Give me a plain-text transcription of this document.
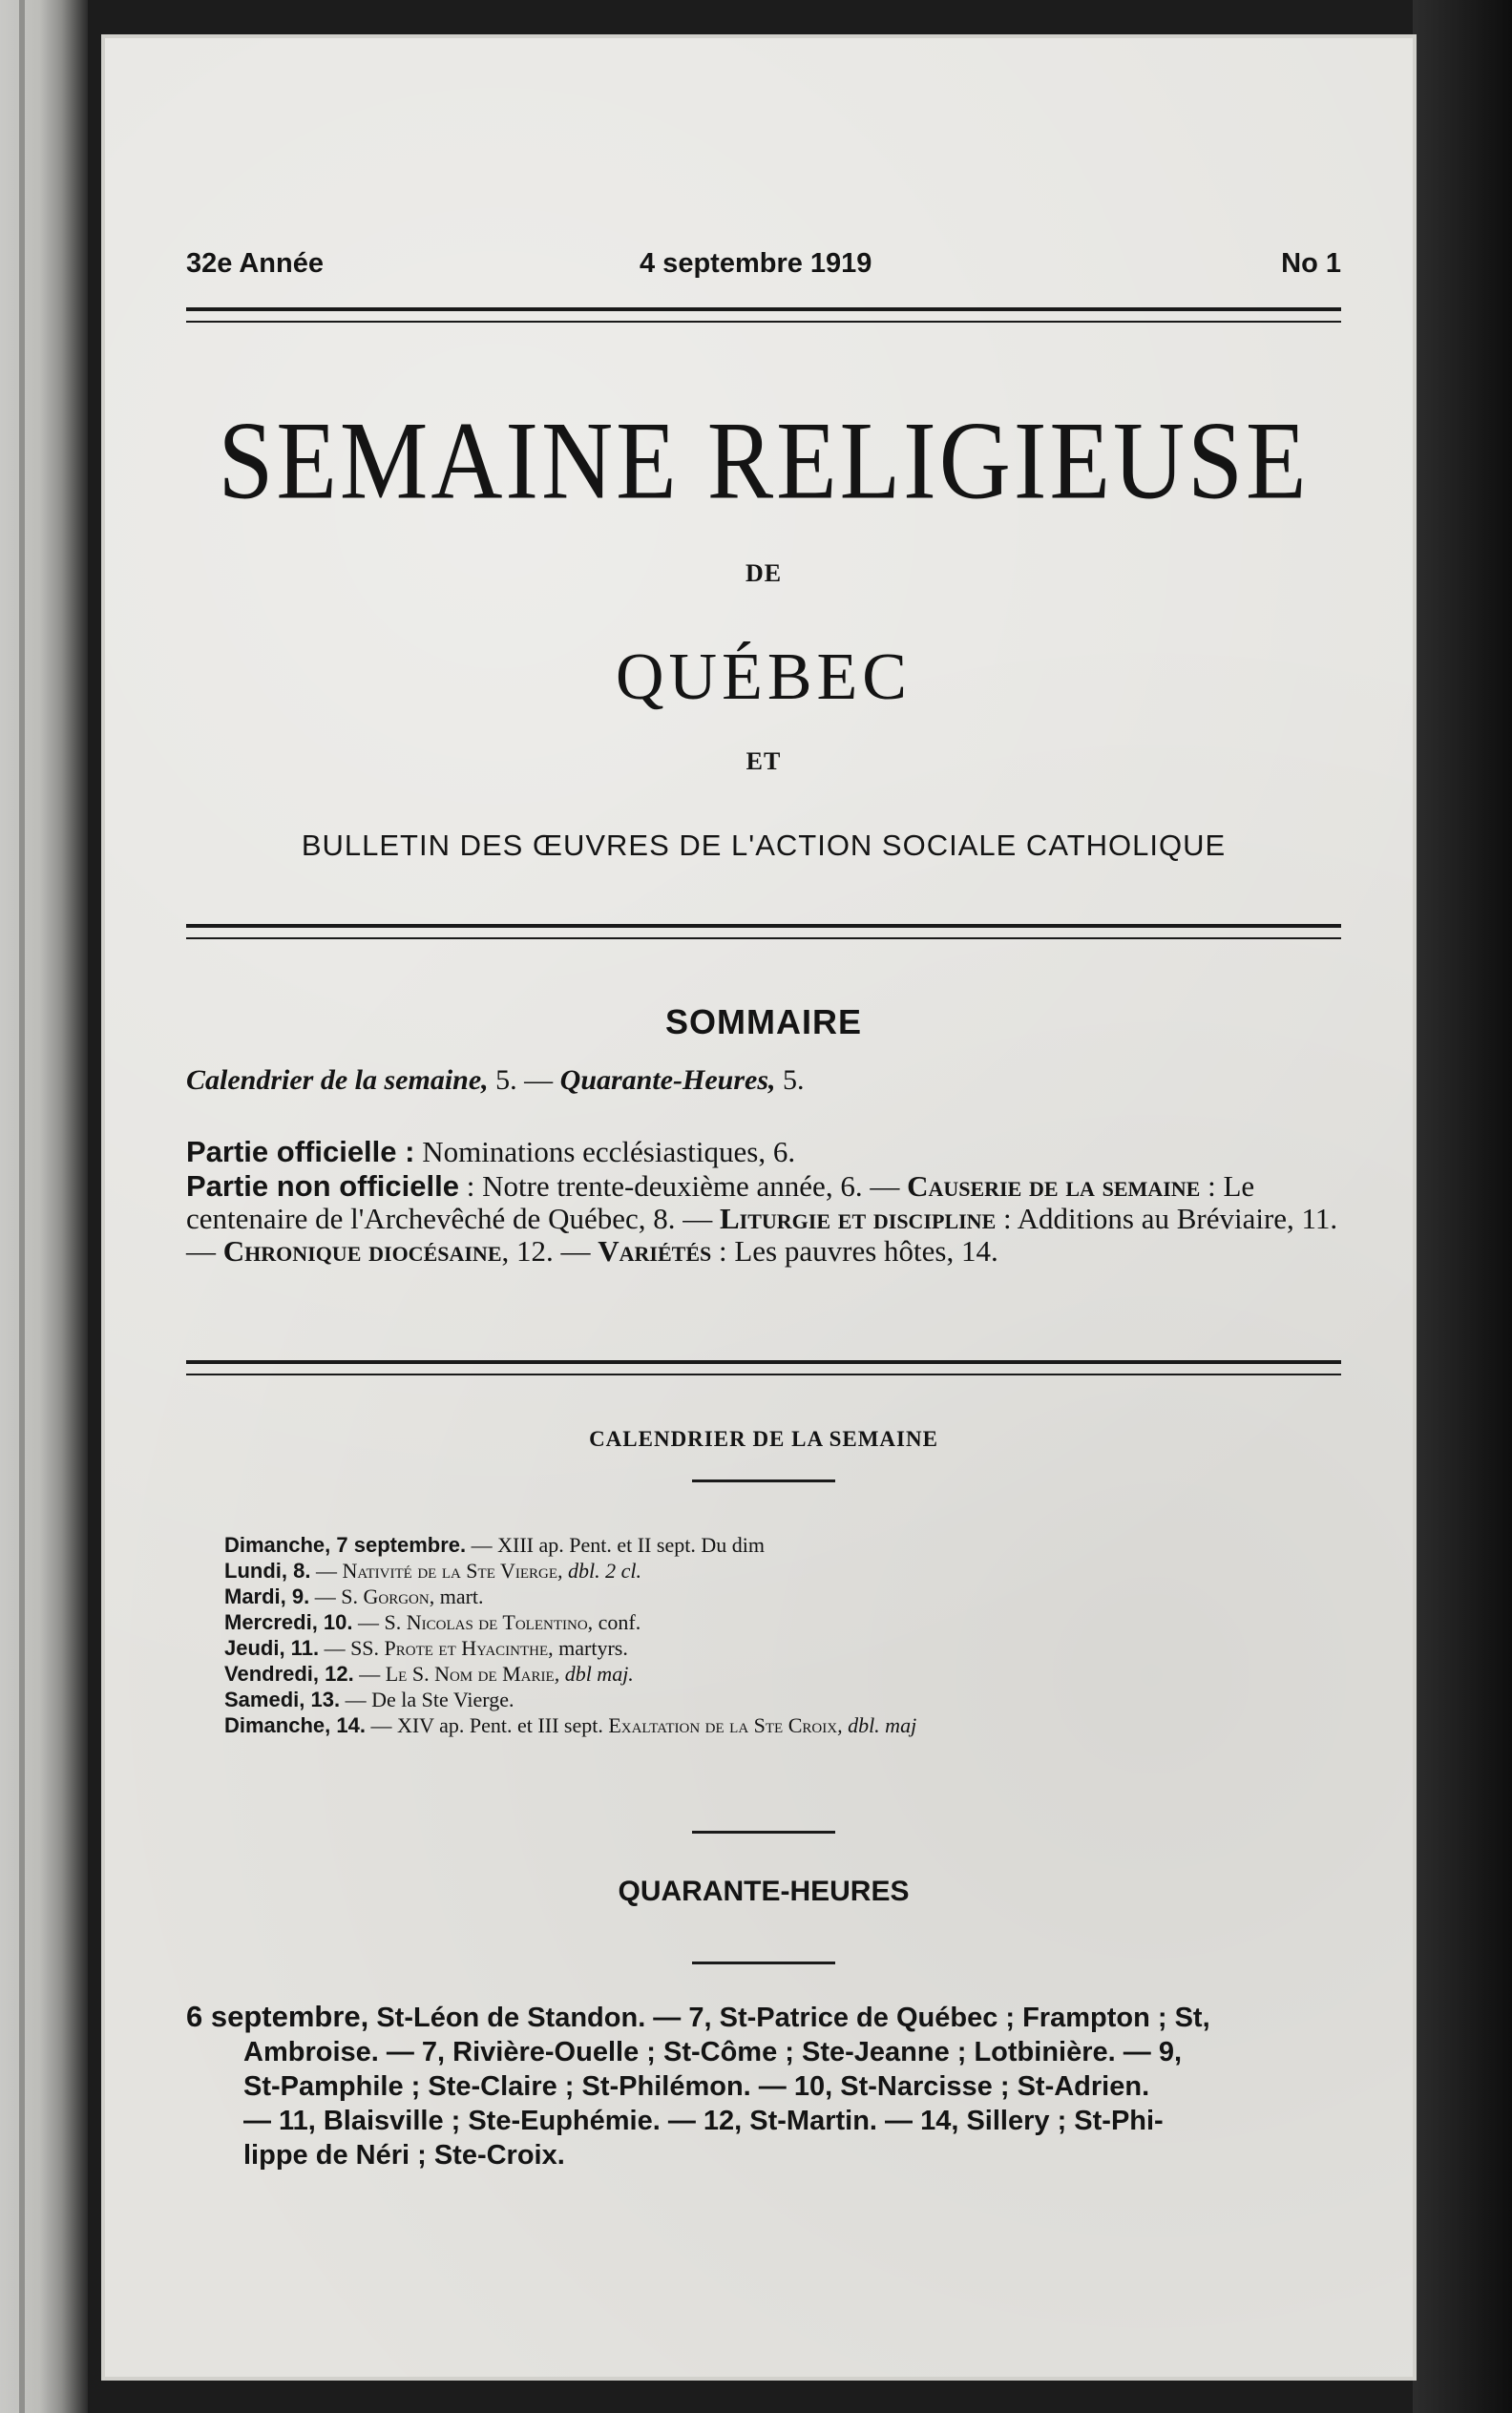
32e Année	4 septembre 1919	No 1
SEMAINE RELIGIEUSE
DE
QUÉBEC
ET
BULLETIN DES ŒUVRES DE L'ACTION SOCIALE CATHOLIQUE
SOMMAIRE
Calendrier de la semaine, 5. — Quarante-Heures, 5.
Partie officielle : Nominations ecclésiastiques, 6.
Partie non officielle : Notre trente-deuxième année, 6. — Causerie de la semaine : Le centenaire de l'Archevêché de Québec, 8. — Liturgie et discipline : Additions au Bréviaire, 11. — Chronique diocésaine, 12. — Variétés : Les pauvres hôtes, 14.
CALENDRIER DE LA SEMAINE
Dimanche, 7 septembre. — XIII ap. Pent. et II sept. Du dim
Lundi, 8. — Nativité de la Ste Vierge, dbl. 2 cl.
Mardi, 9. — S. Gorgon, mart.
Mercredi, 10. — S. Nicolas de Tolentino, conf.
Jeudi, 11. — SS. Prote et Hyacinthe, martyrs.
Vendredi, 12. — Le S. Nom de Marie, dbl maj.
Samedi, 13. — De la Ste Vierge.
Dimanche, 14. — XIV ap. Pent. et III sept. Exaltation de la Ste Croix, dbl. maj
QUARANTE-HEURES
6 septembre, St-Léon de Standon. — 7, St-Patrice de Québec ; Frampton ; St,
Ambroise. — 7, Rivière-Ouelle ; St-Côme ; Ste-Jeanne ; Lotbinière. — 9,
St-Pamphile ; Ste-Claire ; St-Philémon. — 10, St-Narcisse ; St-Adrien.
— 11, Blaisville ; Ste-Euphémie. — 12, St-Martin. — 14, Sillery ; St-Phi-
lippe de Néri ; Ste-Croix.
